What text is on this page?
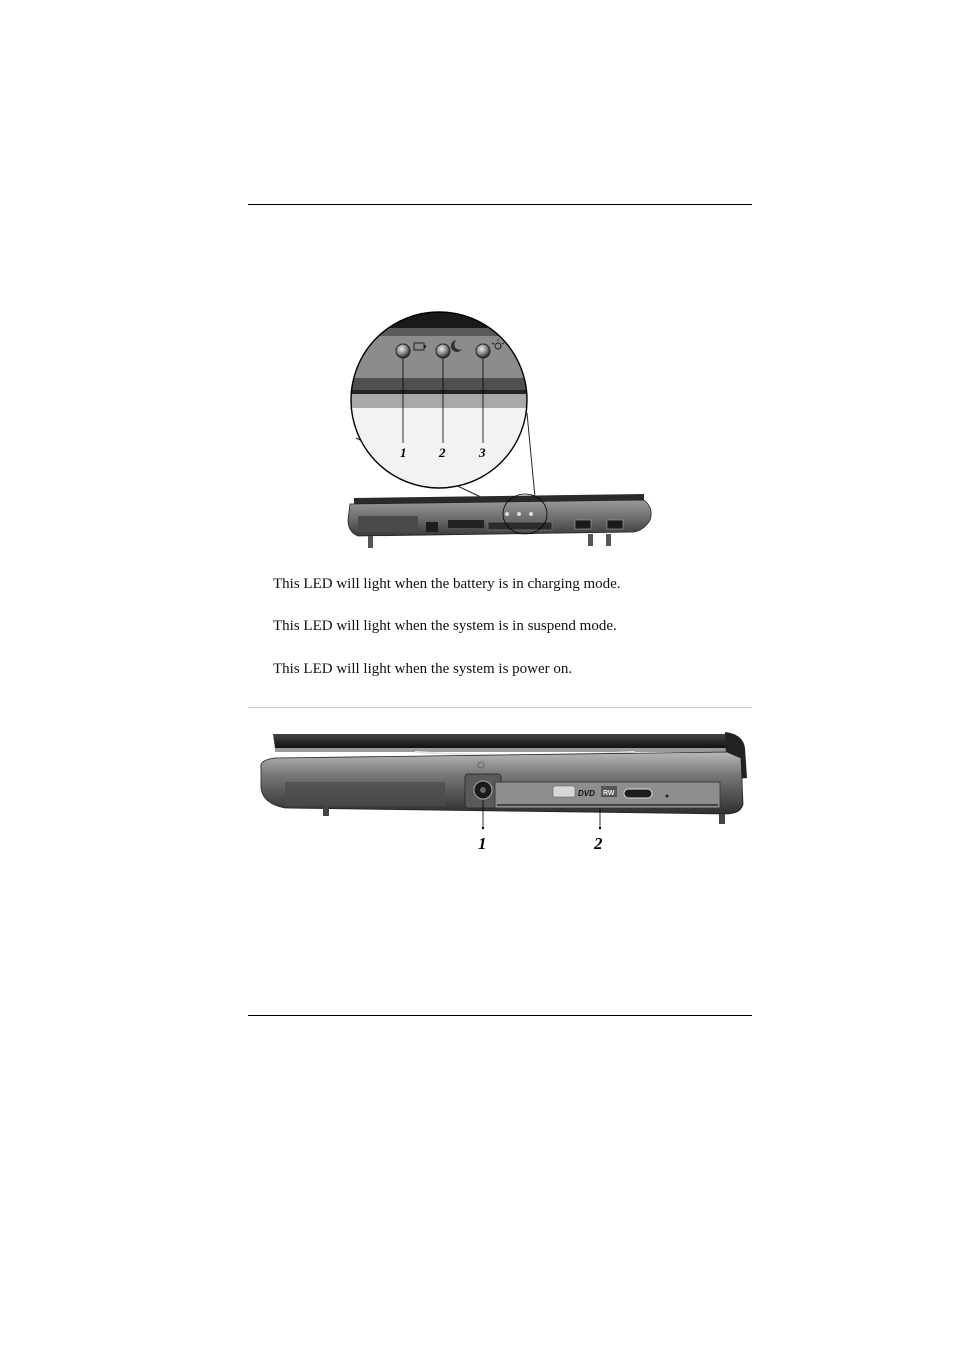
1	2	3
This LED will light when the battery is in charging mode.
This LED will light when the system is in suspend mode.
This LED will light when the system is power on.
DVD RW
1	2
